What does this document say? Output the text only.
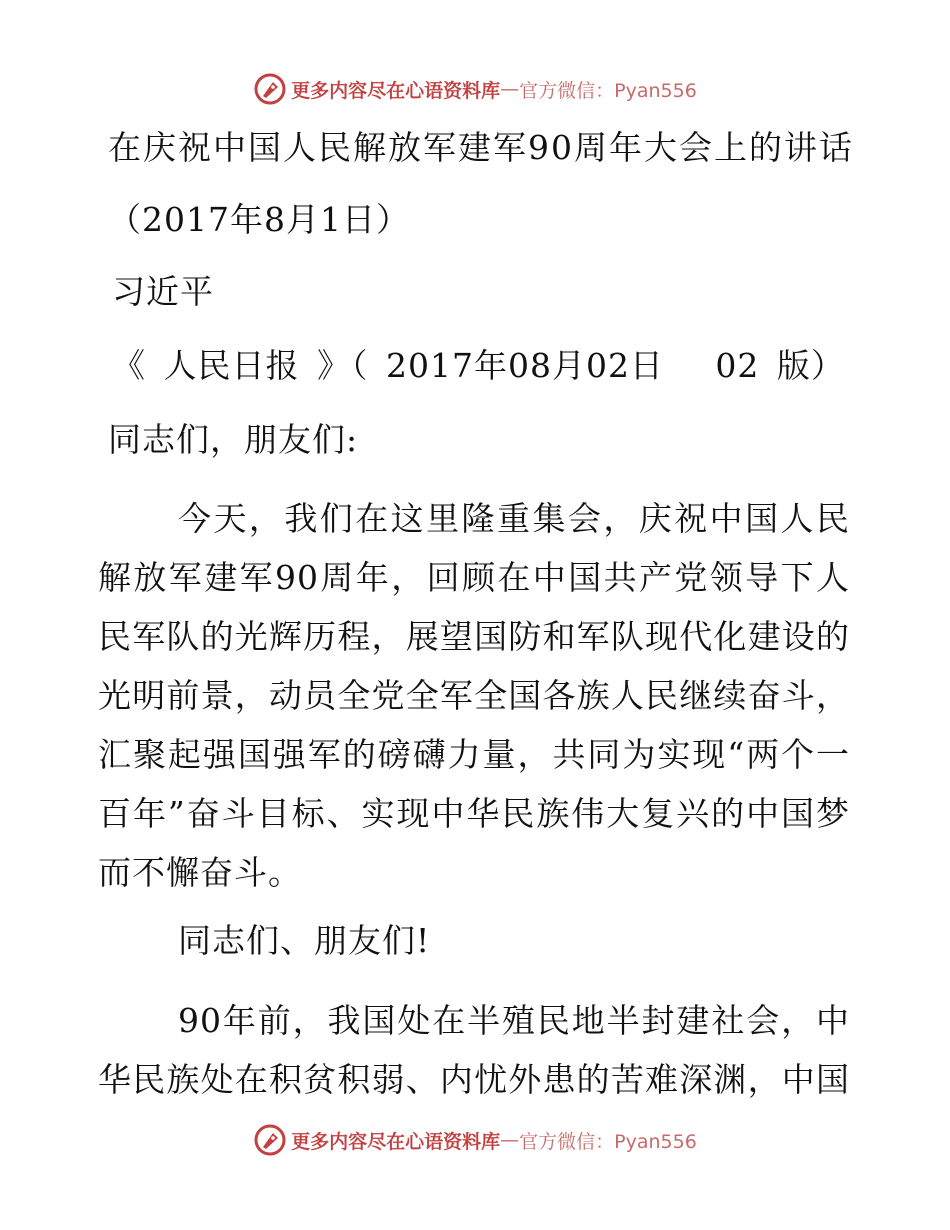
更多内容尽在心语资料库 — 官方微信：Pyan556
在庆祝中国人民解放军建军90周年大会上的讲话
（2017年8月1日）
习近平
《 人民日报 》（ 2017年08月02日　 02 版）
同志们，朋友们:
今天，我们在这里隆重集会，庆祝中国人民
解放军建军90周年，回顾在中国共产党领导下人
民军队的光辉历程，展望国防和军队现代化建设的
光明前景，动员全党全军全国各族人民继续奋斗，
汇聚起强国强军的磅礴力量，共同为实现“两个一
百年”奋斗目标、实现中华民族伟大复兴的中国梦
而不懈奋斗。
同志们、朋友们!
90年前，我国处在半殖民地半封建社会，中
华民族处在积贫积弱、内忧外患的苦难深渊，中国
更多内容尽在心语资料库 — 官方微信：Pyan556
